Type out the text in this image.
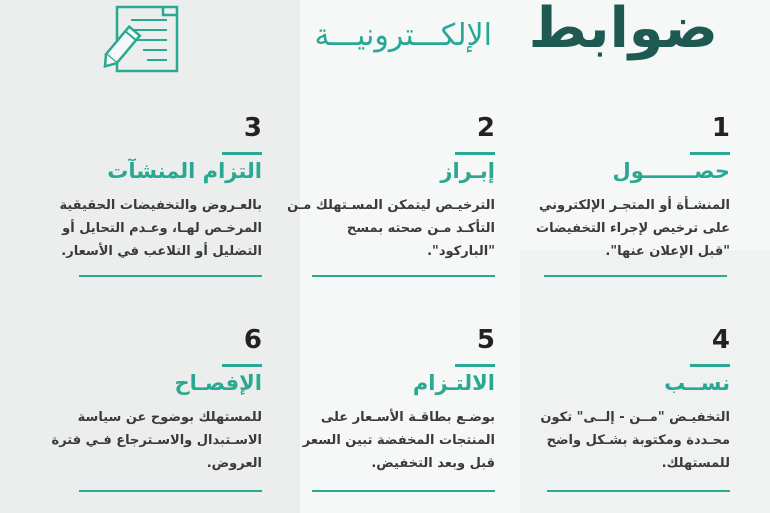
الإلكـــترونيـــة ضوابط
1
حصـــــــول
المنشـأة أو المتجـر الإلكتروني على ترخيص لإجراء التخفيضات "قبل الإعلان عنها".
2
إبـراز
الترخيـص ليتمكن المسـتهلك مـن التأكـد مـن صحته بمسح "الباركود".
3
التزام المنشآت
بالعـروض والتخفيضات الحقيقية المرخـص لهـا، وعـدم التحايل أو التضليل أو التلاعب في الأسعار.
4
نســب
التخفيـض "مــن - إلــى" تكون محـددة ومكتوبة بشـكل واضح للمستهلك.
5
الالتـزام
بوضـع بطاقـة الأسـعار على المنتجات المخفضة تبين السعر قبل وبعد التخفيض.
6
الإفصـاح
للمستهلك بوضوح عن سياسة الاسـتبدال والاسـترجاع فـي فترة العروض.
